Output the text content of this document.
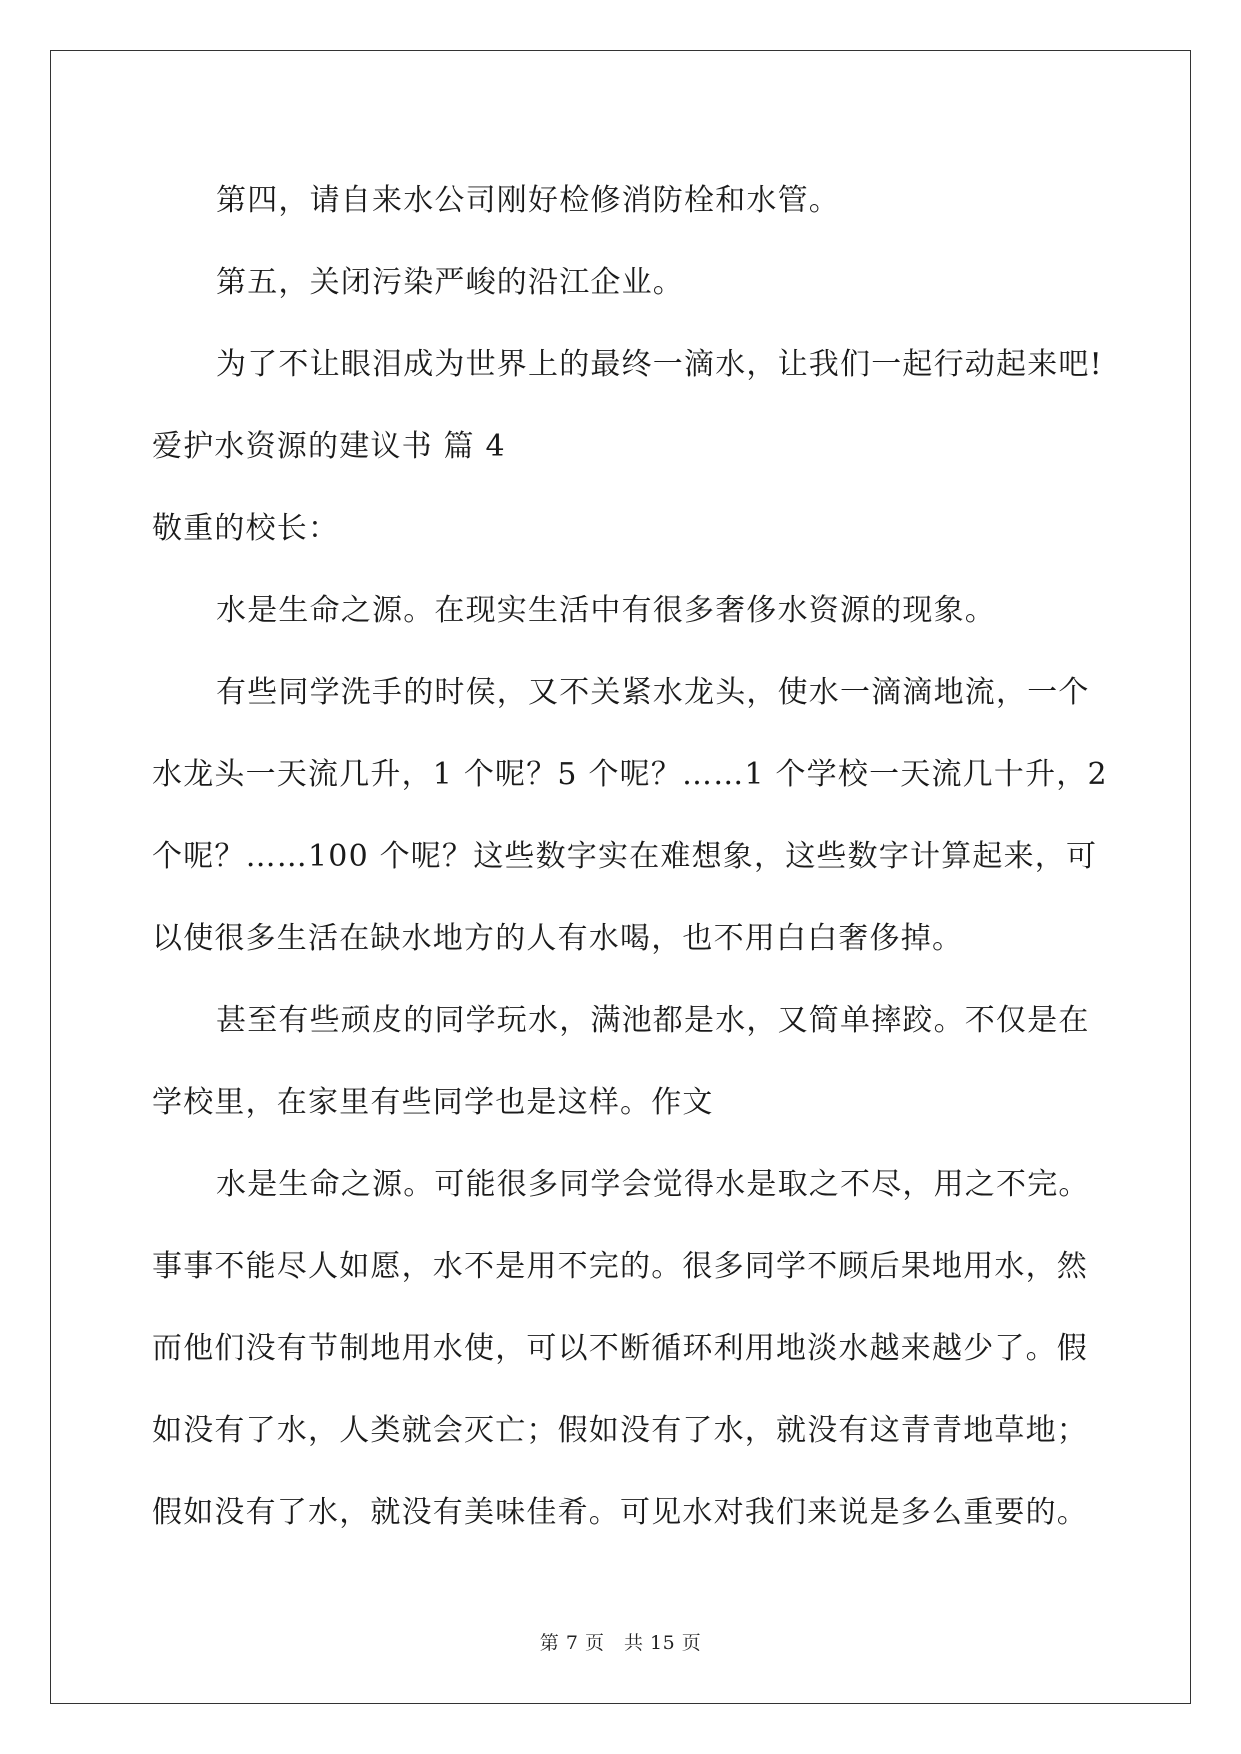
第四，请自来水公司刚好检修消防栓和水管。

第五，关闭污染严峻的沿江企业。

为了不让眼泪成为世界上的最终一滴水，让我们一起行动起来吧!

爱护水资源的建议书 篇 4

敬重的校长：

水是生命之源。在现实生活中有很多奢侈水资源的现象。

有些同学洗手的时侯，又不关紧水龙头，使水一滴滴地流，一个

水龙头一天流几升，1 个呢？5 个呢？……1 个学校一天流几十升，2

个呢？……100 个呢？这些数字实在难想象，这些数字计算起来，可

以使很多生活在缺水地方的人有水喝，也不用白白奢侈掉。

甚至有些顽皮的同学玩水，满池都是水，又简单摔跤。不仅是在

学校里，在家里有些同学也是这样。作文

水是生命之源。可能很多同学会觉得水是取之不尽，用之不完。

事事不能尽人如愿，水不是用不完的。很多同学不顾后果地用水，然

而他们没有节制地用水使，可以不断循环利用地淡水越来越少了。假

如没有了水，人类就会灭亡；假如没有了水，就没有这青青地草地；

假如没有了水，就没有美味佳肴。可见水对我们来说是多么重要的。

第 7 页　共 15 页
